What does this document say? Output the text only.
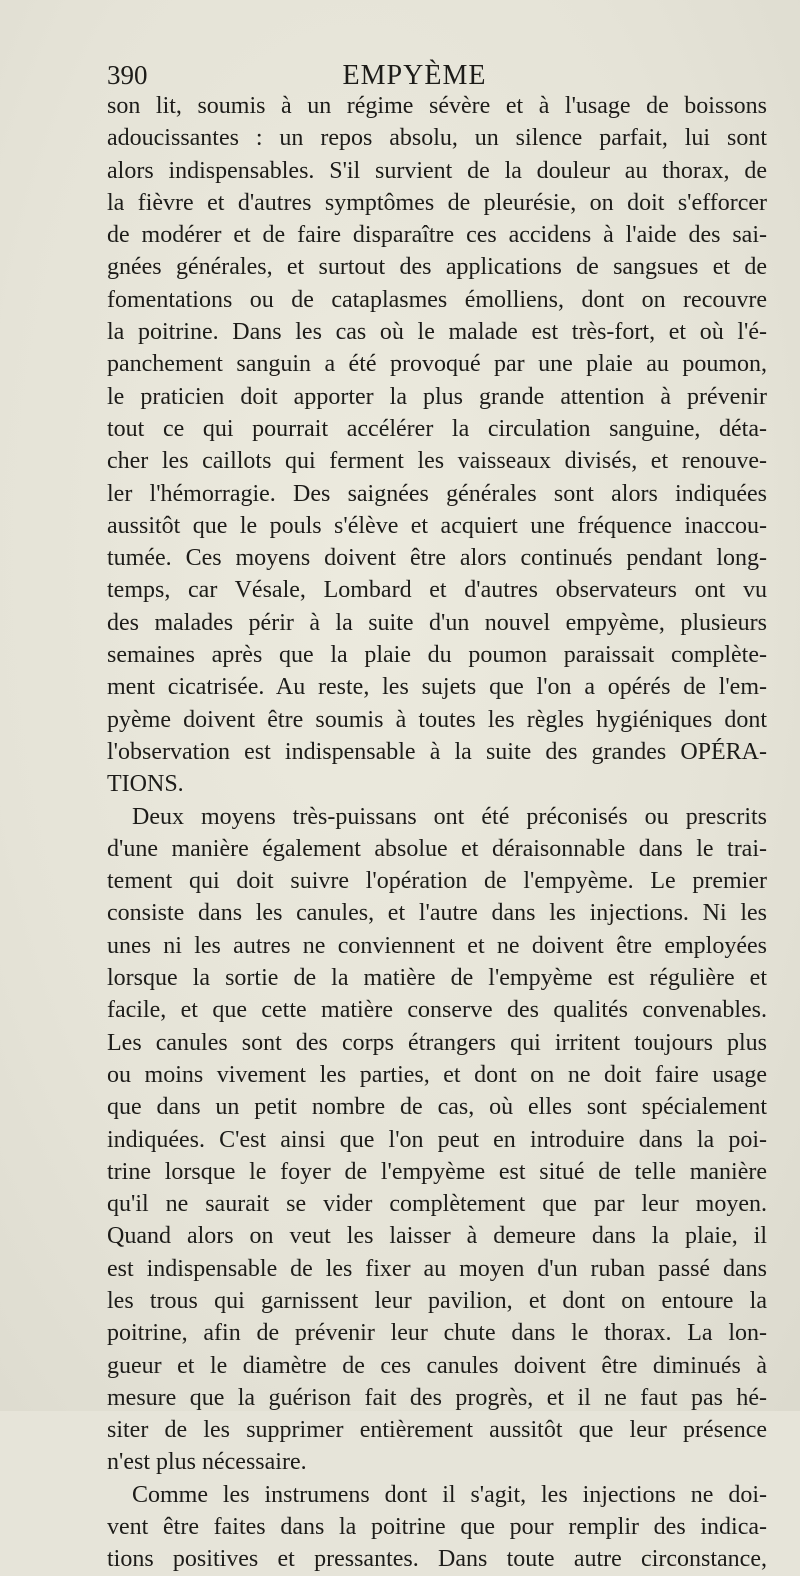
390	EMPYÈME
son lit, soumis à un régime sévère et à l'usage de boissons
adoucissantes : un repos absolu, un silence parfait, lui sont
alors indispensables. S'il survient de la douleur au thorax, de
la fièvre et d'autres symptômes de pleurésie, on doit s'efforcer
de modérer et de faire disparaître ces accidens à l'aide des sai-
gnées générales, et surtout des applications de sangsues et de
fomentations ou de cataplasmes émolliens, dont on recouvre
la poitrine. Dans les cas où le malade est très-fort, et où l'é-
panchement sanguin a été provoqué par une plaie au poumon,
le praticien doit apporter la plus grande attention à prévenir
tout ce qui pourrait accélérer la circulation sanguine, déta-
cher les caillots qui ferment les vaisseaux divisés, et renouve-
ler l'hémorragie. Des saignées générales sont alors indiquées
aussitôt que le pouls s'élève et acquiert une fréquence inaccou-
tumée. Ces moyens doivent être alors continués pendant long-
temps, car Vésale, Lombard et d'autres observateurs ont vu
des malades périr à la suite d'un nouvel empyème, plusieurs
semaines après que la plaie du poumon paraissait complète-
ment cicatrisée. Au reste, les sujets que l'on a opérés de l'em-
pyème doivent être soumis à toutes les règles hygiéniques dont
l'observation est indispensable à la suite des grandes OPÉRA-
TIONS.
Deux moyens très-puissans ont été préconisés ou prescrits
d'une manière également absolue et déraisonnable dans le trai-
tement qui doit suivre l'opération de l'empyème. Le premier
consiste dans les canules, et l'autre dans les injections. Ni les
unes ni les autres ne conviennent et ne doivent être employées
lorsque la sortie de la matière de l'empyème est régulière et
facile, et que cette matière conserve des qualités convenables.
Les canules sont des corps étrangers qui irritent toujours plus
ou moins vivement les parties, et dont on ne doit faire usage
que dans un petit nombre de cas, où elles sont spécialement
indiquées. C'est ainsi que l'on peut en introduire dans la poi-
trine lorsque le foyer de l'empyème est situé de telle manière
qu'il ne saurait se vider complètement que par leur moyen.
Quand alors on veut les laisser à demeure dans la plaie, il
est indispensable de les fixer au moyen d'un ruban passé dans
les trous qui garnissent leur pavilion, et dont on entoure la
poitrine, afin de prévenir leur chute dans le thorax. La lon-
gueur et le diamètre de ces canules doivent être diminués à
mesure que la guérison fait des progrès, et il ne faut pas hé-
siter de les supprimer entièrement aussitôt que leur présence
n'est plus nécessaire.
Comme les instrumens dont il s'agit, les injections ne doi-
vent être faites dans la poitrine que pour remplir des indica-
tions positives et pressantes. Dans toute autre circonstance,
